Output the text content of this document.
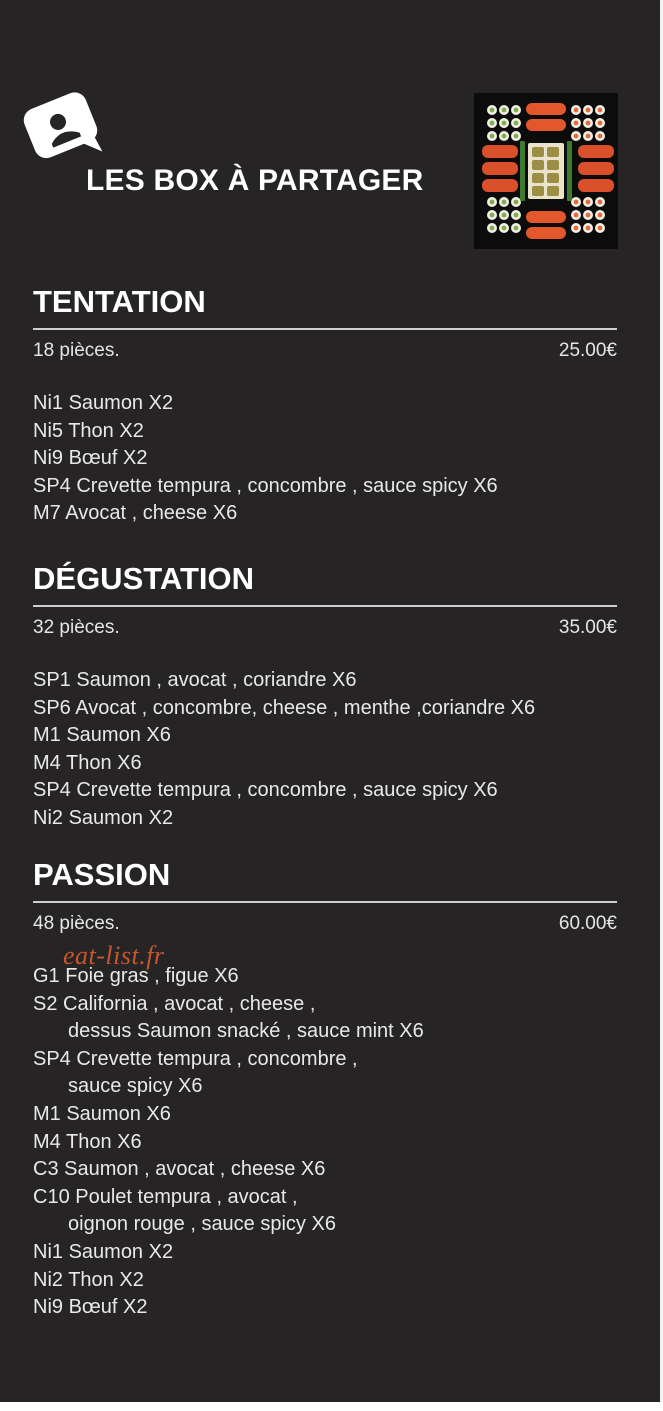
LES BOX À PARTAGER
TENTATION
18 pièces.	25.00€
Ni1 Saumon X2
Ni5 Thon X2
Ni9 Bœuf X2
SP4 Crevette tempura , concombre , sauce spicy X6
M7 Avocat , cheese X6
DÉGUSTATION
32 pièces.	35.00€
SP1 Saumon , avocat , coriandre X6
SP6 Avocat , concombre, cheese , menthe ,coriandre X6
M1 Saumon X6
M4 Thon X6
SP4 Crevette tempura , concombre , sauce spicy X6
Ni2 Saumon X2
PASSION
48 pièces.	60.00€
G1 Foie gras , figue X6
S2 California , avocat , cheese ,
dessus Saumon snacké , sauce mint X6
SP4 Crevette tempura , concombre ,
sauce spicy X6
M1 Saumon X6
M4 Thon X6
C3 Saumon , avocat , cheese X6
C10 Poulet tempura , avocat ,
oignon rouge , sauce spicy X6
Ni1 Saumon X2
Ni2 Thon X2
Ni9 Bœuf X2
eat-list.fr
